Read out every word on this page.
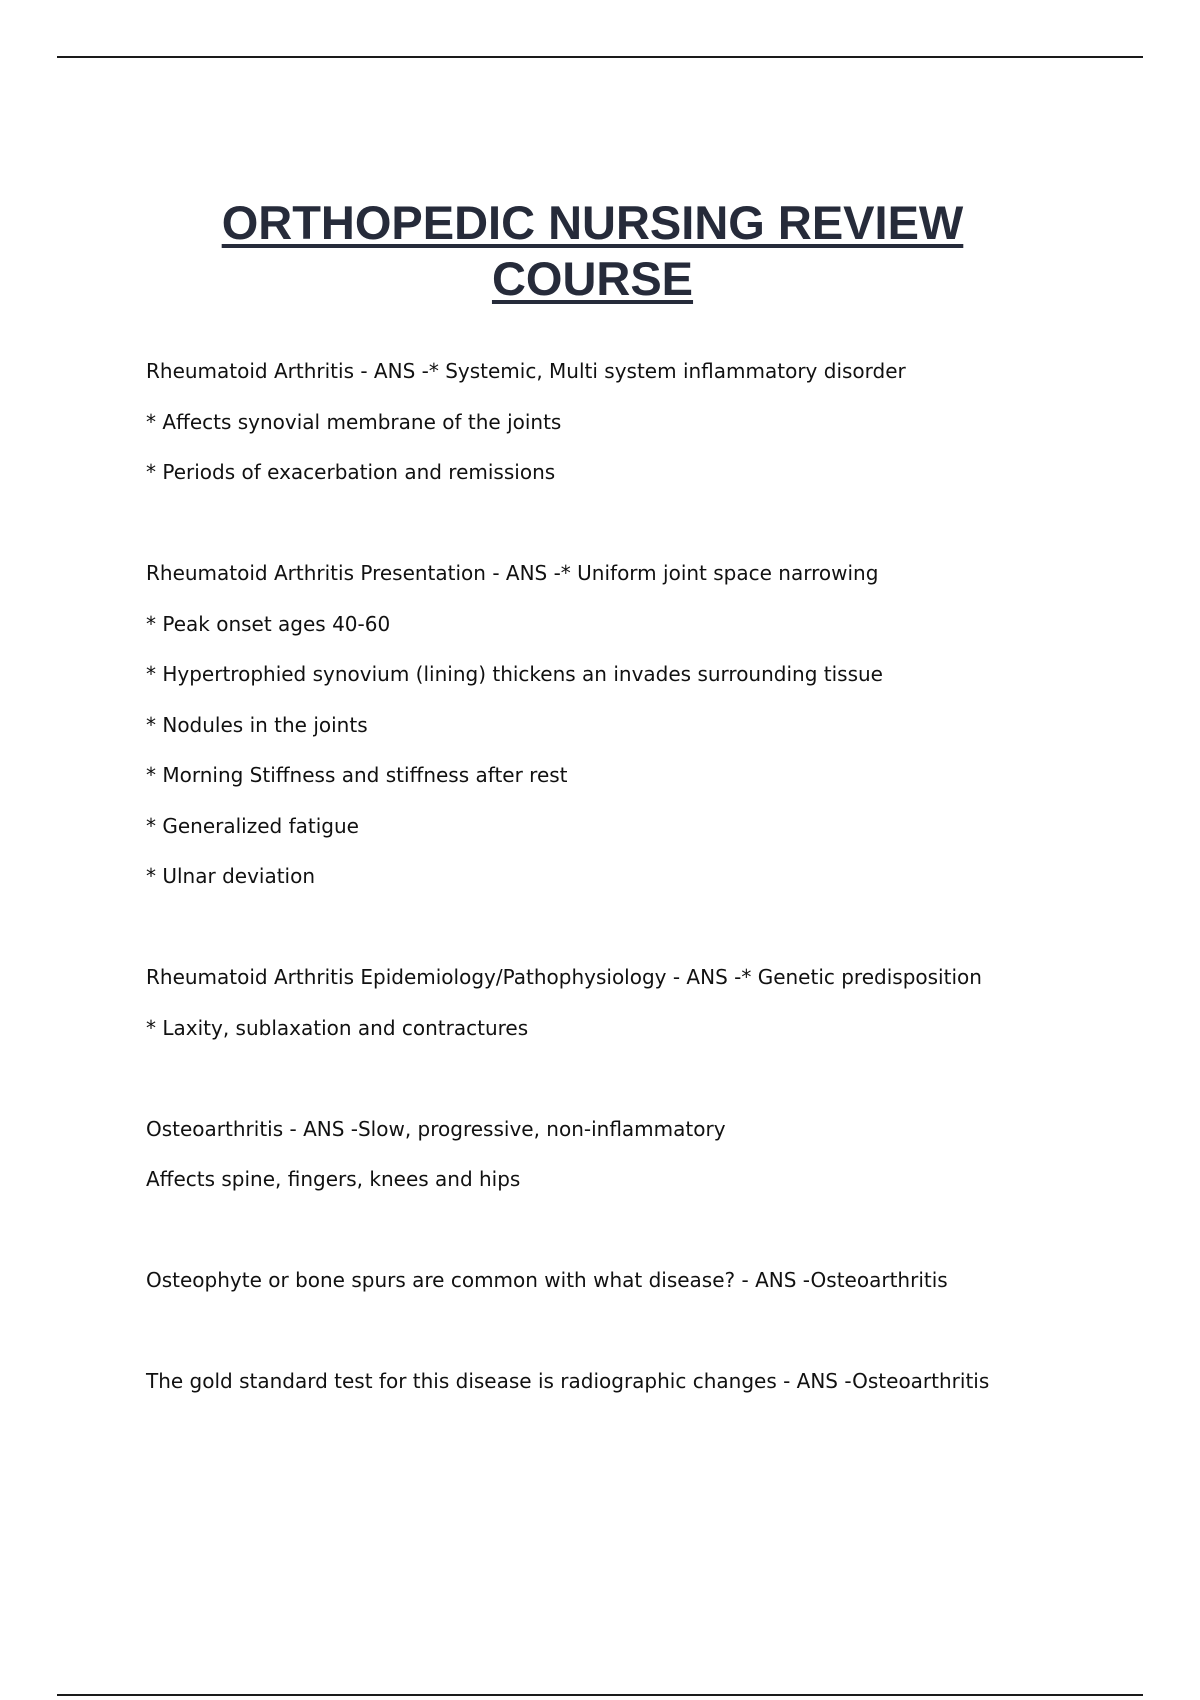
ORTHOPEDIC NURSING REVIEW
COURSE
Rheumatoid Arthritis - ANS -* Systemic, Multi system inflammatory disorder
* Affects synovial membrane of the joints
* Periods of exacerbation and remissions
Rheumatoid Arthritis Presentation - ANS -* Uniform joint space narrowing
* Peak onset ages 40-60
* Hypertrophied synovium (lining) thickens an invades surrounding tissue
* Nodules in the joints
* Morning Stiffness and stiffness after rest
* Generalized fatigue
* Ulnar deviation
Rheumatoid Arthritis Epidemiology/Pathophysiology - ANS -* Genetic predisposition
* Laxity, sublaxation and contractures
Osteoarthritis - ANS -Slow, progressive, non-inflammatory
Affects spine, fingers, knees and hips
Osteophyte or bone spurs are common with what disease? - ANS -Osteoarthritis
The gold standard test for this disease is radiographic changes - ANS -Osteoarthritis
